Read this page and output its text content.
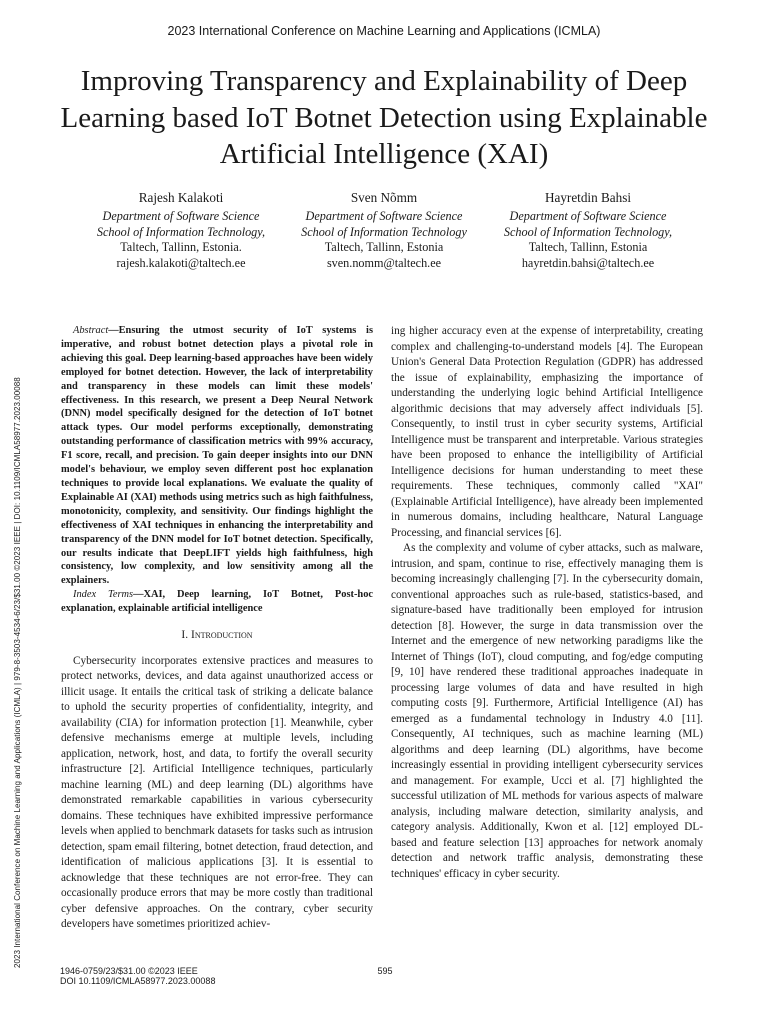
2023 International Conference on Machine Learning and Applications (ICMLA)
Improving Transparency and Explainability of Deep Learning based IoT Botnet Detection using Explainable Artificial Intelligence (XAI)
Rajesh Kalakoti
Department of Software Science
School of Information Technology,
Taltech, Tallinn, Estonia.
rajesh.kalakoti@taltech.ee
Sven Nõmm
Department of Software Science
School of Information Technology
Taltech, Tallinn, Estonia
sven.nomm@taltech.ee
Hayretdin Bahsi
Department of Software Science
School of Information Technology,
Taltech, Tallinn, Estonia
hayretdin.bahsi@taltech.ee
2023 International Conference on Machine Learning and Applications (ICMLA) | 979-8-3503-4534-6/23/$31.00 ©2023 IEEE | DOI: 10.1109/ICMLA58977.2023.00088

Abstract—Ensuring the utmost security of IoT systems is imperative, and robust botnet detection plays a pivotal role in achieving this goal. Deep learning-based approaches have been widely employed for botnet detection. However, the lack of interpretability and transparency in these models can limit these models' effectiveness. In this research, we present a Deep Neural Network (DNN) model specifically designed for the detection of IoT botnet attack types. Our model performs exceptionally, demonstrating outstanding performance of classification metrics with 99% accuracy, F1 score, recall, and precision. To gain deeper insights into our DNN model's behaviour, we employ seven different post hoc explanation techniques to provide local explanations. We evaluate the quality of Explainable AI (XAI) methods using metrics such as high faithfulness, monotonicity, complexity, and sensitivity. Our findings highlight the effectiveness of XAI techniques in enhancing the interpretability and transparency of the DNN model for IoT botnet detection. Specifically, our results indicate that DeepLIFT yields high faithfulness, high consistency, low complexity, and low sensitivity among all the explainers.

Index Terms—XAI, Deep learning, IoT Botnet, Post-hoc explanation, explainable artificial intelligence

I. Introduction

Cybersecurity incorporates extensive practices and measures to protect networks, devices, and data against unauthorized access or illicit usage. It entails the critical task of striking a delicate balance to uphold the security properties of confidentiality, integrity, and availability (CIA) for information protection [1]. Meanwhile, cyber defensive mechanisms emerge at multiple levels, including application, network, host, and data, to fortify the overall security infrastructure [2]. Artificial Intelligence techniques, particularly machine learning (ML) and deep learning (DL) algorithms have demonstrated remarkable capabilities in various cybersecurity domains. These techniques have exhibited impressive performance levels when applied to benchmark datasets for tasks such as intrusion detection, spam email filtering, botnet detection, fraud detection, and identification of malicious applications [3]. It is essential to acknowledge that these techniques are not error-free. They can occasionally produce errors that may be more costly than traditional cyber defensive approaches. On the contrary, cyber security developers have sometimes prioritized achiev-

ing higher accuracy even at the expense of interpretability, creating complex and challenging-to-understand models [4]. The European Union's General Data Protection Regulation (GDPR) has addressed the issue of explainability, emphasizing the importance of understanding the underlying logic behind Artificial Intelligence algorithmic decisions that may adversely affect individuals [5]. Consequently, to instil trust in cyber security systems, Artificial Intelligence must be transparent and interpretable. Various strategies have been proposed to enhance the intelligibility of Artificial Intelligence decisions for human understanding to meet these requirements. These techniques, commonly called "XAI" (Explainable Artificial Intelligence), have already been implemented in numerous domains, including healthcare, Natural Language Processing, and financial services [6].

As the complexity and volume of cyber attacks, such as malware, intrusion, and spam, continue to rise, effectively managing them is becoming increasingly challenging [7]. In the cybersecurity domain, conventional approaches such as rule-based, statistics-based, and signature-based have traditionally been employed for intrusion detection [8]. However, the surge in data transmission over the Internet and the emergence of new networking paradigms like the Internet of Things (IoT), cloud computing, and fog/edge computing [9, 10] have rendered these traditional approaches inadequate in processing large volumes of data and have resulted in high computing costs [9]. Furthermore, Artificial Intelligence (AI) has emerged as a fundamental technology in Industry 4.0 [11]. Consequently, AI techniques, such as machine learning (ML) algorithms and deep learning (DL) algorithms, have become increasingly essential in providing intelligent cybersecurity services and management. For example, Ucci et al. [7] highlighted the successful utilization of ML methods for various aspects of malware analysis, including malware detection, similarity analysis, and category analysis. Additionally, Kwon et al. [12] employed DL-based and feature selection [13] approaches for network anomaly detection and network traffic analysis, demonstrating these techniques' efficacy in cyber security.

1946-0759/23/$31.00 ©2023 IEEE
DOI 10.1109/ICMLA58977.2023.00088
595
